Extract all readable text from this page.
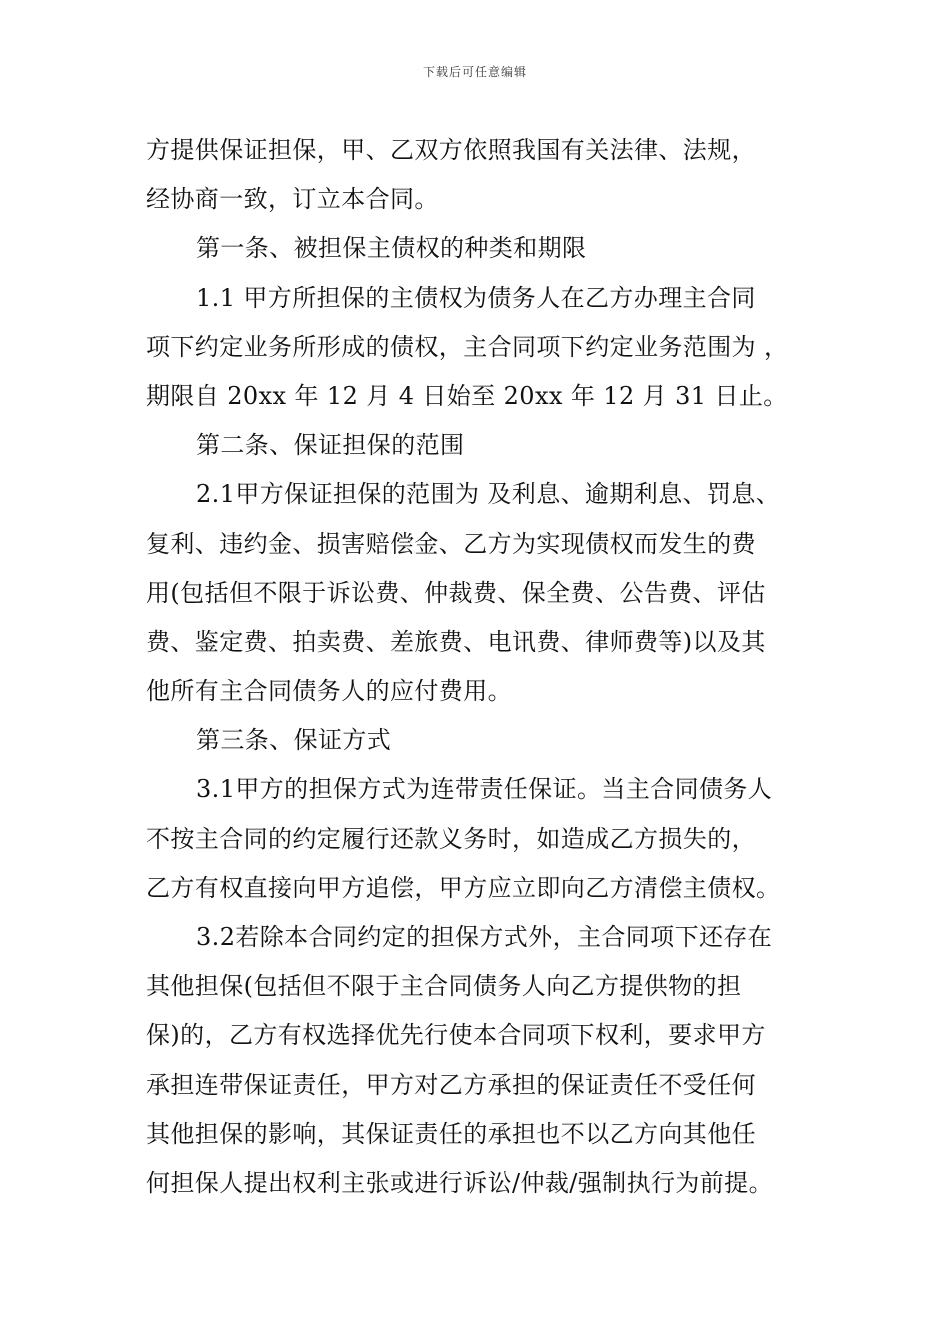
下载后可任意编辑
方提供保证担保，甲、乙双方依照我国有关法律、法规，
经协商一致，订立本合同。
第一条、被担保主债权的种类和期限
1.1 甲方所担保的主债权为债务人在乙方办理主合同
项下约定业务所形成的债权，主合同项下约定业务范围为 ，
期限自 20xx 年 12 月 4 日始至 20xx 年 12 月 31 日止。
第二条、保证担保的范围
2.1甲方保证担保的范围为 及利息、逾期利息、罚息、
复利、违约金、损害赔偿金、乙方为实现债权而发生的费
用(包括但不限于诉讼费、仲裁费、保全费、公告费、评估
费、鉴定费、拍卖费、差旅费、电讯费、律师费等)以及其
他所有主合同债务人的应付费用。
第三条、保证方式
3.1甲方的担保方式为连带责任保证。当主合同债务人
不按主合同的约定履行还款义务时，如造成乙方损失的，
乙方有权直接向甲方追偿，甲方应立即向乙方清偿主债权。
3.2若除本合同约定的担保方式外，主合同项下还存在
其他担保(包括但不限于主合同债务人向乙方提供物的担
保)的，乙方有权选择优先行使本合同项下权利，要求甲方
承担连带保证责任，甲方对乙方承担的保证责任不受任何
其他担保的影响，其保证责任的承担也不以乙方向其他任
何担保人提出权利主张或进行诉讼/仲裁/强制执行为前提。
